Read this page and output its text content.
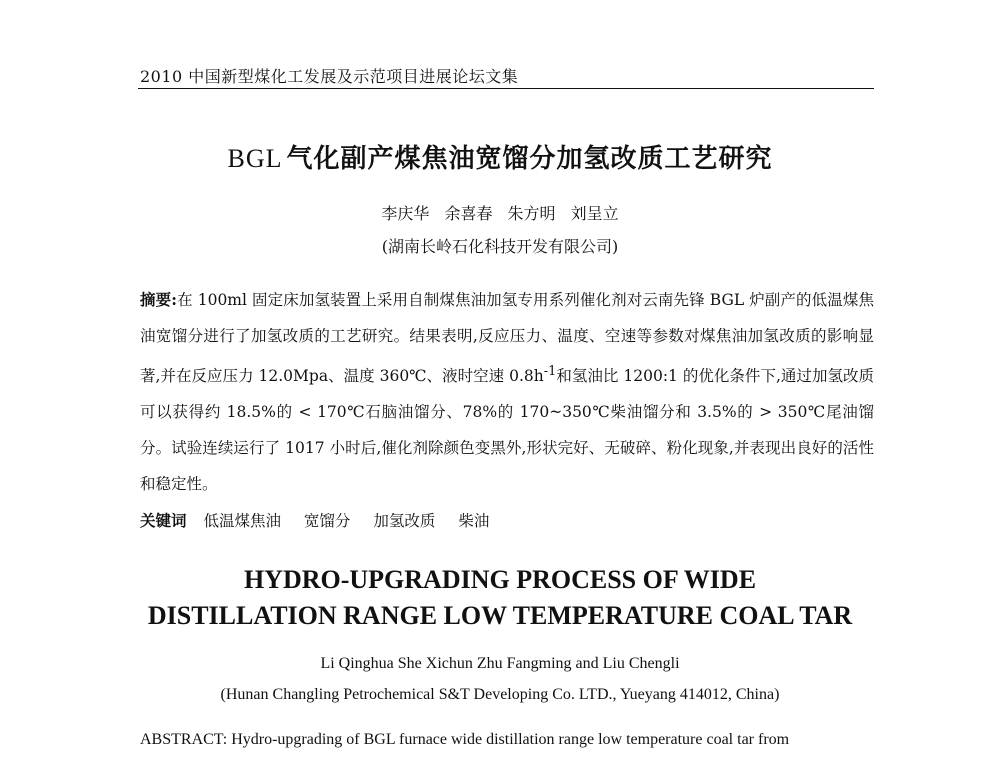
2010 中国新型煤化工发展及示范项目进展论坛文集
BGL 气化副产煤焦油宽馏分加氢改质工艺研究
李庆华 余喜春 朱方明 刘呈立
(湖南长岭石化科技开发有限公司)
摘要:在 100ml 固定床加氢装置上采用自制煤焦油加氢专用系列催化剂对云南先锋 BGL 炉副产的低温煤焦油宽馏分进行了加氢改质的工艺研究。结果表明,反应压力、温度、空速等参数对煤焦油加氢改质的影响显著,并在反应压力 12.0Mpa、温度 360℃、液时空速 $0.8h^{-1}$和氢油比 1200:1 的优化条件下,通过加氢改质可以获得约 18.5%的 < 170℃石脑油馏分、78%的 170~350℃柴油馏分和 3.5%的 > 350℃尾油馏分。试验连续运行了 1017 小时后,催化剂除颜色变黑外,形状完好、无破碎、粉化现象,并表现出良好的活性和稳定性。
关键词 低温煤焦油 宽馏分 加氢改质 柴油
HYDRO-UPGRADING PROCESS OF WIDE
DISTILLATION RANGE LOW TEMPERATURE COAL TAR
Li Qinghua She Xichun Zhu Fangming and Liu Chengli
(Hunan Changling Petrochemical S&T Developing Co. LTD., Yueyang 414012, China)
ABSTRACT: Hydro-upgrading of BGL furnace wide distillation range low temperature coal tar from
